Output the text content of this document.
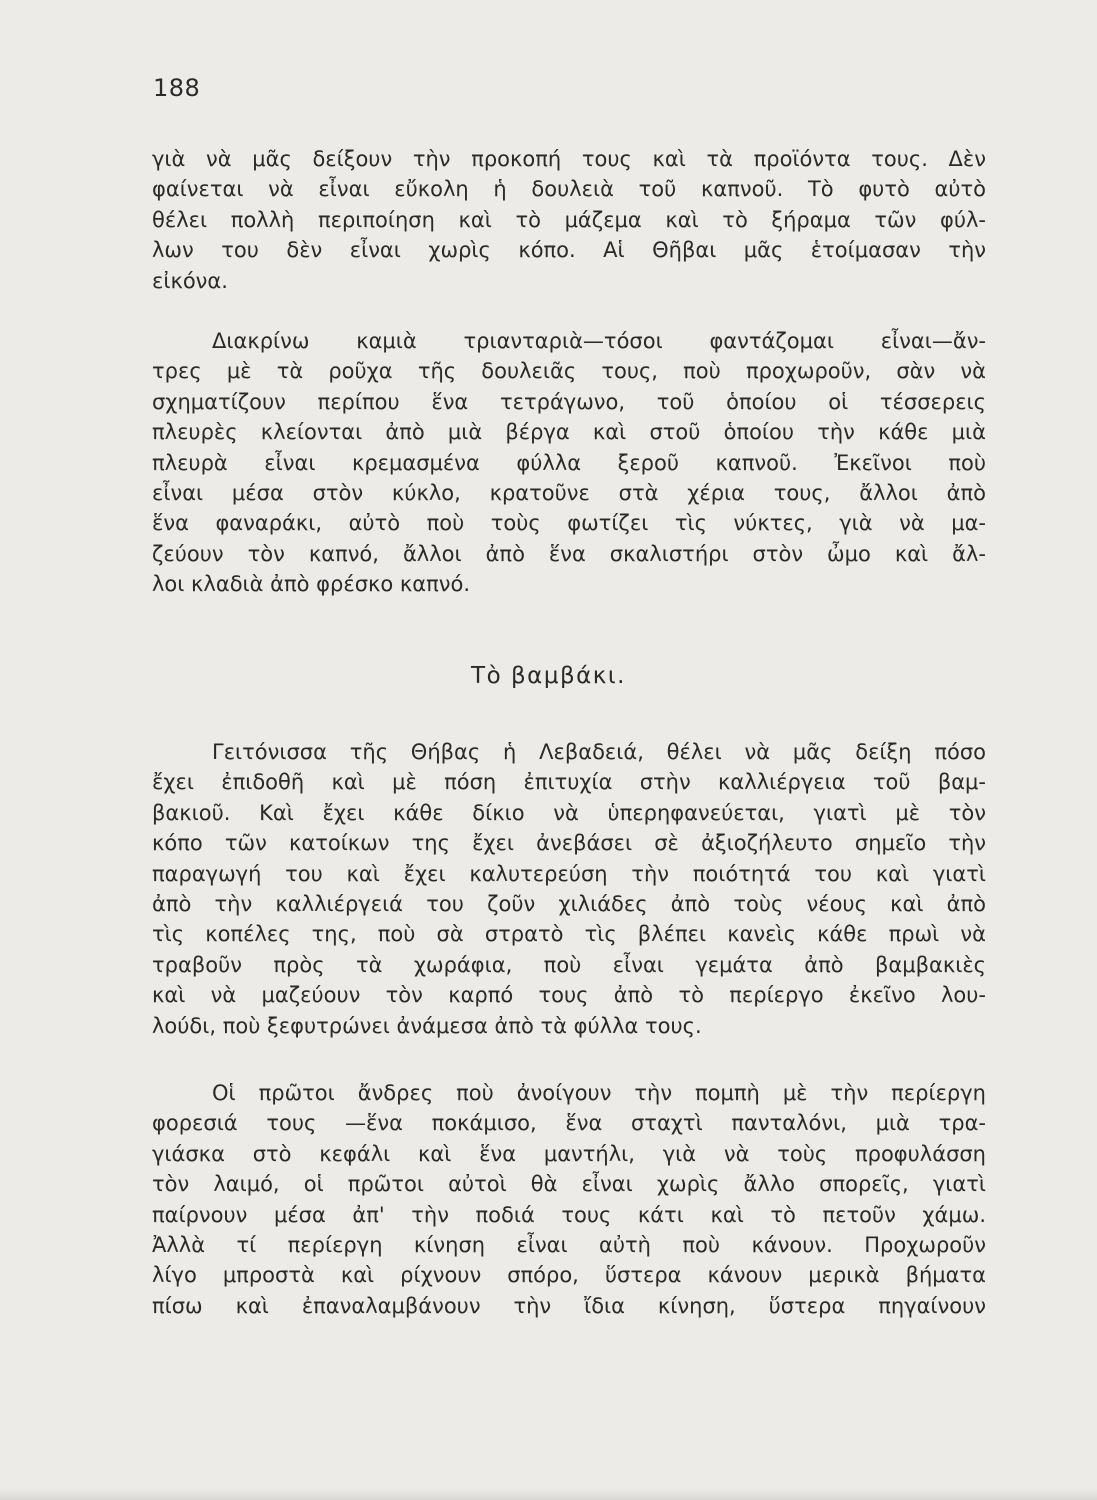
188
γιὰ νὰ μᾶς δείξουν τὴν προκοπή τους καὶ τὰ προϊόντα τους. Δὲν
φαίνεται νὰ εἶναι εὔκολη ἡ δουλειὰ τοῦ καπνοῦ. Τὸ φυτὸ αὐτὸ
θέλει πολλὴ περιποίηση καὶ τὸ μάζεμα καὶ τὸ ξήραμα τῶν φύλ-
λων του δὲν εἶναι χωρὶς κόπο. Αἱ Θῆβαι μᾶς ἑτοίμασαν τὴν
εἰκόνα.
Διακρίνω καμιὰ τριανταριὰ—τόσοι φαντάζομαι εἶναι—ἄν-
τρες μὲ τὰ ροῦχα τῆς δουλειᾶς τους, ποὺ προχωροῦν, σὰν νὰ
σχηματίζουν περίπου ἕνα τετράγωνο, τοῦ ὁποίου οἱ τέσσερεις
πλευρὲς κλείονται ἀπὸ μιὰ βέργα καὶ στοῦ ὁποίου τὴν κάθε μιὰ
πλευρὰ εἶναι κρεμασμένα φύλλα ξεροῦ καπνοῦ. Ἐκεῖνοι ποὺ
εἶναι μέσα στὸν κύκλο, κρατοῦνε στὰ χέρια τους, ἄλλοι ἀπὸ
ἕνα φαναράκι, αὐτὸ ποὺ τοὺς φωτίζει τὶς νύκτες, γιὰ νὰ μα-
ζεύουν τὸν καπνό, ἄλλοι ἀπὸ ἕνα σκαλιστήρι στὸν ὦμο καὶ ἄλ-
λοι κλαδιὰ ἀπὸ φρέσκο καπνό.
Τὸ βαμβάκι.
Γειτόνισσα τῆς Θήβας ἡ Λεβαδειά, θέλει νὰ μᾶς δείξη πόσο
ἔχει ἐπιδοθῆ καὶ μὲ πόση ἐπιτυχία στὴν καλλιέργεια τοῦ βαμ-
βακιοῦ. Καὶ ἔχει κάθε δίκιο νὰ ὑπερηφανεύεται, γιατὶ μὲ τὸν
κόπο τῶν κατοίκων της ἔχει ἀνεβάσει σὲ ἀξιοζήλευτο σημεῖο τὴν
παραγωγή του καὶ ἔχει καλυτερεύση τὴν ποιότητά του καὶ γιατὶ
ἀπὸ τὴν καλλιέργειά του ζοῦν χιλιάδες ἀπὸ τοὺς νέους καὶ ἀπὸ
τὶς κοπέλες της, ποὺ σὰ στρατὸ τὶς βλέπει κανεὶς κάθε πρωὶ νὰ
τραβοῦν πρὸς τὰ χωράφια, ποὺ εἶναι γεμάτα ἀπὸ βαμβακιὲς
καὶ νὰ μαζεύουν τὸν καρπό τους ἀπὸ τὸ περίεργο ἐκεῖνο λου-
λούδι, ποὺ ξεφυτρώνει ἀνάμεσα ἀπὸ τὰ φύλλα τους.
Οἱ πρῶτοι ἄνδρες ποὺ ἀνοίγουν τὴν πομπὴ μὲ τὴν περίεργη
φορεσιά τους —ἕνα ποκάμισο, ἕνα σταχτὶ πανταλόνι, μιὰ τρα-
γιάσκα στὸ κεφάλι καὶ ἕνα μαντήλι, γιὰ νὰ τοὺς προφυλάσση
τὸν λαιμό, οἱ πρῶτοι αὐτοὶ θὰ εἶναι χωρὶς ἄλλο σπορεῖς, γιατὶ
παίρνουν μέσα ἀπ' τὴν ποδιά τους κάτι καὶ τὸ πετοῦν χάμω.
Ἀλλὰ τί περίεργη κίνηση εἶναι αὐτὴ ποὺ κάνουν. Προχωροῦν
λίγο μπροστὰ καὶ ρίχνουν σπόρο, ὕστερα κάνουν μερικὰ βήματα
πίσω καὶ ἐπαναλαμβάνουν τὴν ἴδια κίνηση, ὕστερα πηγαίνουν
